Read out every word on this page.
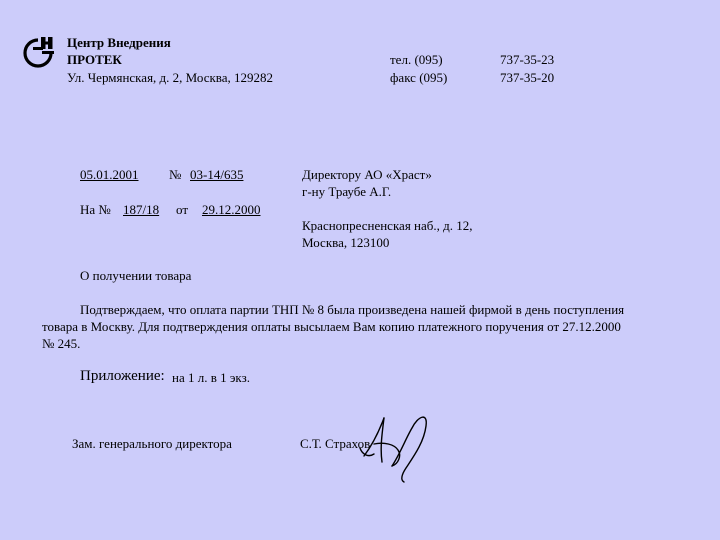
Центр Внедрения
ПРОТЕК
Ул. Чермянская, д. 2, Москва, 129282
тел. (095)	737-35-23
факс (095)	737-35-20
05.01.2001 № 03-14/635
На № 187/18 от 29.12.2000
Директору АО «Храст»
г-ну Траубе А.Г.
Краснопресненская наб., д. 12,
Москва, 123100
О получении товара
Подтверждаем, что оплата партии ТНП № 8 была произведена нашей фирмой в день поступления
товара в Москву. Для подтверждения оплаты высылаем Вам копию платежного поручения от 27.12.2000
№ 245.
Приложение: на 1 л. в 1 экз.
Зам. генерального директора	С.Т. Страхов
